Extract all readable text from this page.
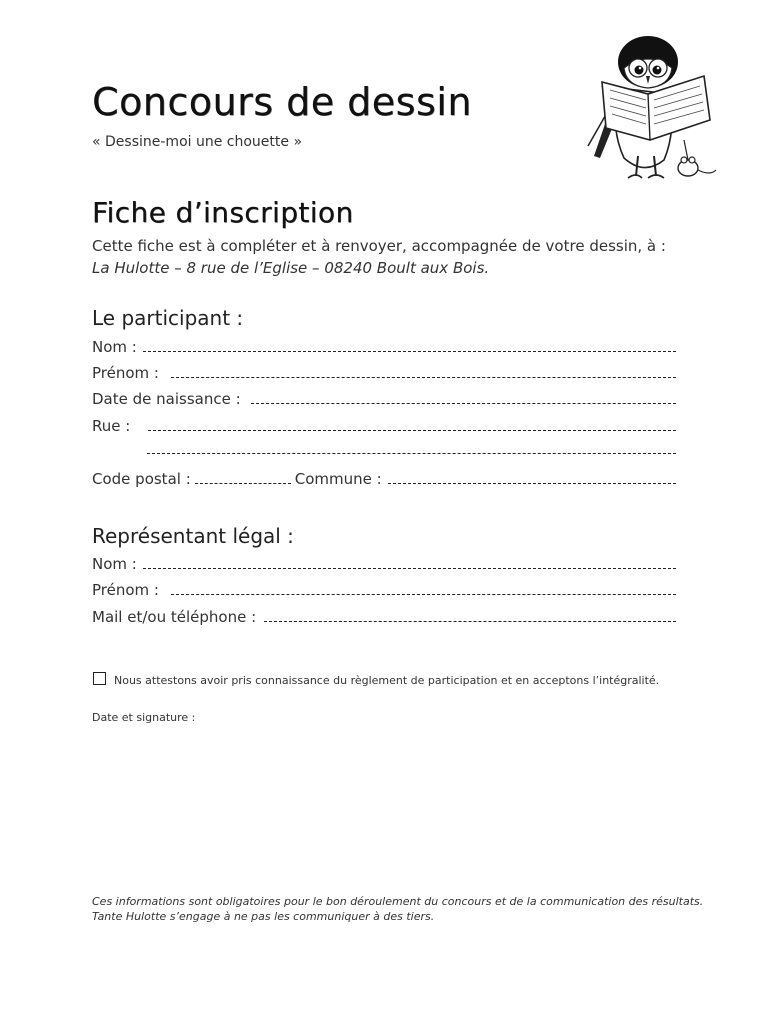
Concours de dessin
« Dessine-moi une chouette »
Fiche d’inscription
Cette fiche est à compléter et à renvoyer, accompagnée de votre dessin, à :
La Hulotte – 8 rue de l’Eglise – 08240 Boult aux Bois.
Le participant :
Nom :
Prénom :
Date de naissance :
Rue :
Code postal :	Commune :
Représentant légal :
Nom :
Prénom :
Mail et/ou téléphone :
Nous attestons avoir pris connaissance du règlement de participation et en acceptons l’intégralité.
Date et signature :
Ces informations sont obligatoires pour le bon déroulement du concours et de la communication des résultats.
Tante Hulotte s’engage à ne pas les communiquer à des tiers.
